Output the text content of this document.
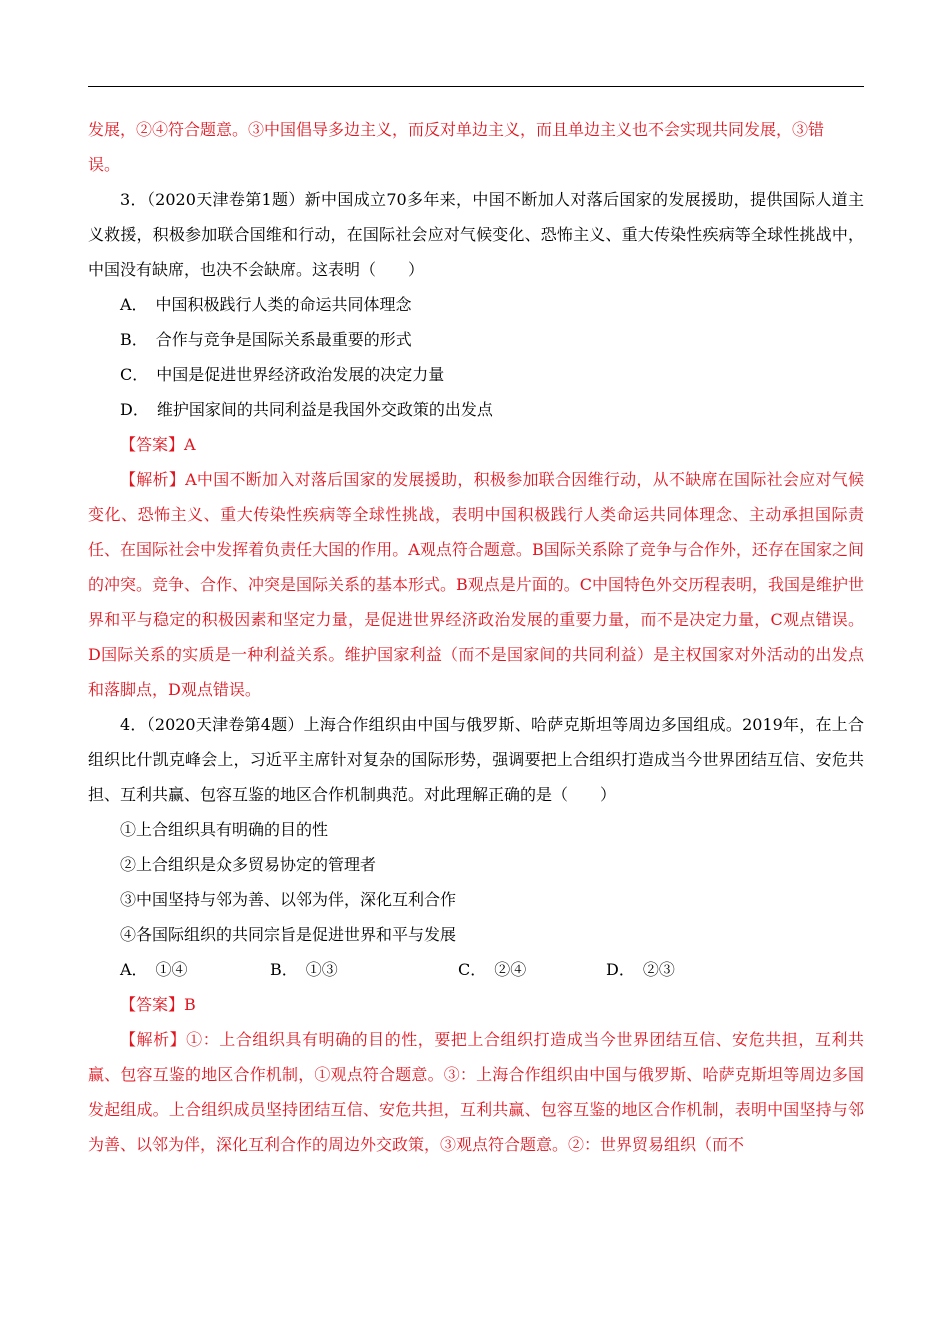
发展，②④符合题意。③中国倡导多边主义，而反对单边主义，而且单边主义也不会实现共同发展，③错

误。

3．（2020天津卷第1题）新中国成立70多年来，中国不断加人对落后国家的发展援助，提供国际人道主义救援，积极参加联合国维和行动，在国际社会应对气候变化、恐怖主义、重大传染性疾病等全球性挑战中，中国没有缺席，也决不会缺席。这表明（　　）

A．　中国积极践行人类的命运共同体理念

B．　合作与竞争是国际关系最重要的形式

C．　中国是促进世界经济政治发展的决定力量

D．　维护国家间的共同利益是我国外交政策的出发点

【答案】A

【解析】A中国不断加入对落后国家的发展援助，积极参加联合因维行动，从不缺席在国际社会应对气候变化、恐怖主义、重大传染性疾病等全球性挑战，表明中国积极践行人类命运共同体理念、主动承担国际责任、在国际社会中发挥着负责任大国的作用。A观点符合题意。B国际关系除了竞争与合作外，还存在国家之间的冲突。竞争、合作、冲突是国际关系的基本形式。B观点是片面的。C中国特色外交历程表明，我国是维护世界和平与稳定的积极因素和坚定力量，是促进世界经济政治发展的重要力量，而不是决定力量，C观点错误。D国际关系的实质是一种利益关系。维护国家利益（而不是国家间的共同利益）是主权国家对外活动的出发点和落脚点，D观点错误。

4．（2020天津卷第4题）上海合作组织由中国与俄罗斯、哈萨克斯坦等周边多国组成。2019年，在上合组织比什凯克峰会上，习近平主席针对复杂的国际形势，强调要把上合组织打造成当今世界团结互信、安危共担、互利共赢、包容互鉴的地区合作机制典范。对此理解正确的是（　　）

①上合组织具有明确的目的性

②上合组织是众多贸易协定的管理者

③中国坚持与邻为善、以邻为伴，深化互利合作

④各国际组织的共同宗旨是促进世界和平与发展

A．　①④	B．　①③	C．　②④	D．　②③

【答案】B

【解析】①：上合组织具有明确的目的性，要把上合组织打造成当今世界团结互信、安危共担，互利共赢、包容互鉴的地区合作机制，①观点符合题意。③：上海合作组织由中国与俄罗斯、哈萨克斯坦等周边多国发起组成。上合组织成员坚持团结互信、安危共担，互利共赢、包容互鉴的地区合作机制，表明中国坚持与邻为善、以邻为伴，深化互利合作的周边外交政策，③观点符合题意。②：世界贸易组织（而不
